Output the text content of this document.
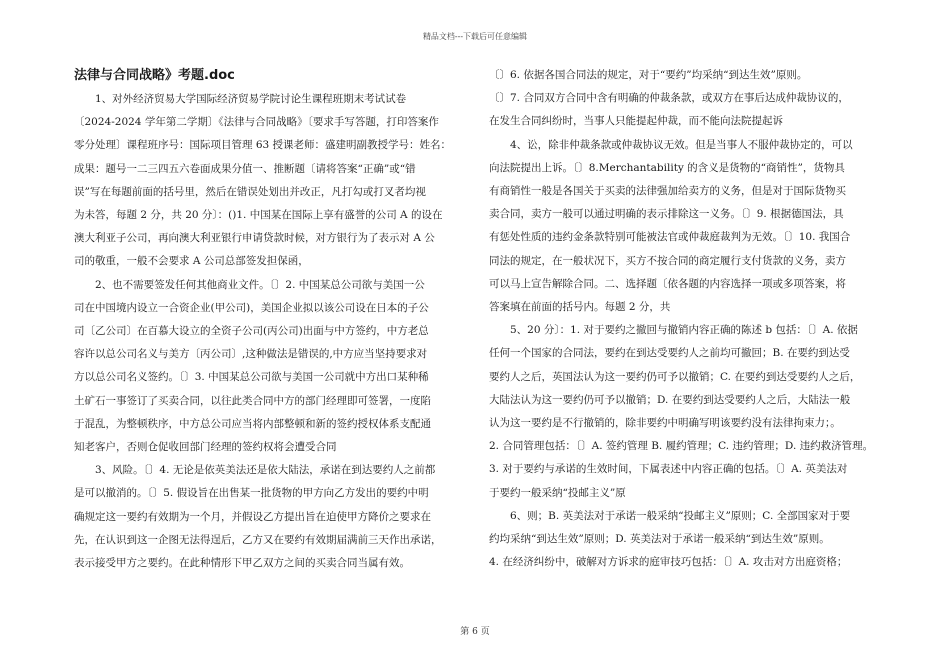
精品文档---下载后可任意编辑
法律与合同战略》考题.doc

1、对外经济贸易大学国际经济贸易学院讨论生课程班期末考试试卷

〔2024-2024 学年第二学期〕《法律与合同战略》〔要求手写答题，打印答案作

零分处理〕课程班序号：国际项目管理 63 授课老师：盛建明副教授学号：姓名：

成果：题号一二三四五六卷面成果分值一、推断题〔请将答案“正确”或“错

误”写在每题前面的括号里，然后在错误处划出并改正，凡打勾或打叉者均视

为未答，每题 2 分，共 20 分〕：()1. 中国某在国际上享有盛誉的公司 A 的设在

澳大利亚子公司，再向澳大利亚银行申请贷款时候，对方银行为了表示对 A 公

司的敬重，一般不会要求 A 公司总部签发担保函，

2、也不需要签发任何其他商业文件。〔〕2. 中国某总公司欲与美国一公

司在中国境内设立一合资企业(甲公司)，美国企业拟以该公司设在日本的子公

司〔乙公司〕在百慕大设立的全资子公司(丙公司)出面与中方签约，中方老总

容许以总公司名义与美方〔丙公司〕,这种做法是错误的,中方应当坚持要求对

方以总公司名义签约。〔〕3. 中国某总公司欲与美国一公司就中方出口某种稀

土矿石一事签订了买卖合同，以往此类合同中方的部门经理即可签署，一度陷

于混乱，为整顿秩序，中方总公司应当将内部整顿和新的签约授权体系支配通

知老客户，否则仓促收回部门经理的签约权将会遭受合同

3、风险。〔〕4. 无论是依英美法还是依大陆法，承诺在到达要约人之前都

是可以撤消的。〔〕5. 假设旨在出售某一批货物的甲方向乙方发出的要约中明

确规定这一要约有效期为一个月，并假设乙方提出旨在迫使甲方降价之要求在

先，在认识到这一企图无法得逞后，乙方又在要约有效期届满前三天作出承诺，

表示接受甲方之要约。在此种情形下甲乙双方之间的买卖合同当属有效。

〔〕6. 依据各国合同法的规定，对于“要约”均采纳“到达生效”原则。

〔〕7. 合同双方合同中含有明确的仲裁条款，或双方在事后达成仲裁协议的，

在发生合同纠纷时，当事人只能提起仲裁，而不能向法院提起诉

4、讼，除非仲裁条款或仲裁协议无效。但是当事人不服仲裁协定的，可以

向法院提出上诉。〔〕8.Merchantability 的含义是货物的“商销性”，货物具

有商销性一般是各国关于买卖的法律强加给卖方的义务，但是对于国际货物买

卖合同，卖方一般可以通过明确的表示排除这一义务。〔〕9. 根据德国法，具

有惩处性质的违约金条款特别可能被法官或仲裁庭裁判为无效。〔〕10. 我国合

同法的规定，在一般状况下，买方不按合同的商定履行支付货款的义务，卖方

可以马上宣告解除合同。二、选择题〔依各题的内容选择一项或多项答案，将

答案填在前面的括号内。每题 2 分，共

5、20 分〕：1. 对于要约之撤回与撤销内容正确的陈述 b 包括：〔〕A. 依据

任何一个国家的合同法，要约在到达受要约人之前均可撤回；B. 在要约到达受

要约人之后，英国法认为这一要约仍可予以撤销；C. 在要约到达受要约人之后，

大陆法认为这一要约仍可予以撤销；D. 在要约到达受要约人之后，大陆法一般

认为这一要约是不行撤销的，除非要约中明确写明该要约没有法律拘束力；。

2. 合同管理包括：〔〕A. 签约管理 B. 履约管理；C. 违约管理；D. 违约救济管理。

3. 对于要约与承诺的生效时间，下属表述中内容正确的包括。〔〕A. 英美法对

于要约一般采纳“投邮主义”原

6、则；B. 英美法对于承诺一般采纳“投邮主义”原则；C. 全部国家对于要

约均采纳“到达生效”原则；D. 英美法对于承诺一般采纳“到达生效”原则。

4. 在经济纠纷中，破解对方诉求的庭审技巧包括：〔〕A. 攻击对方出庭资格；

第 6 页
